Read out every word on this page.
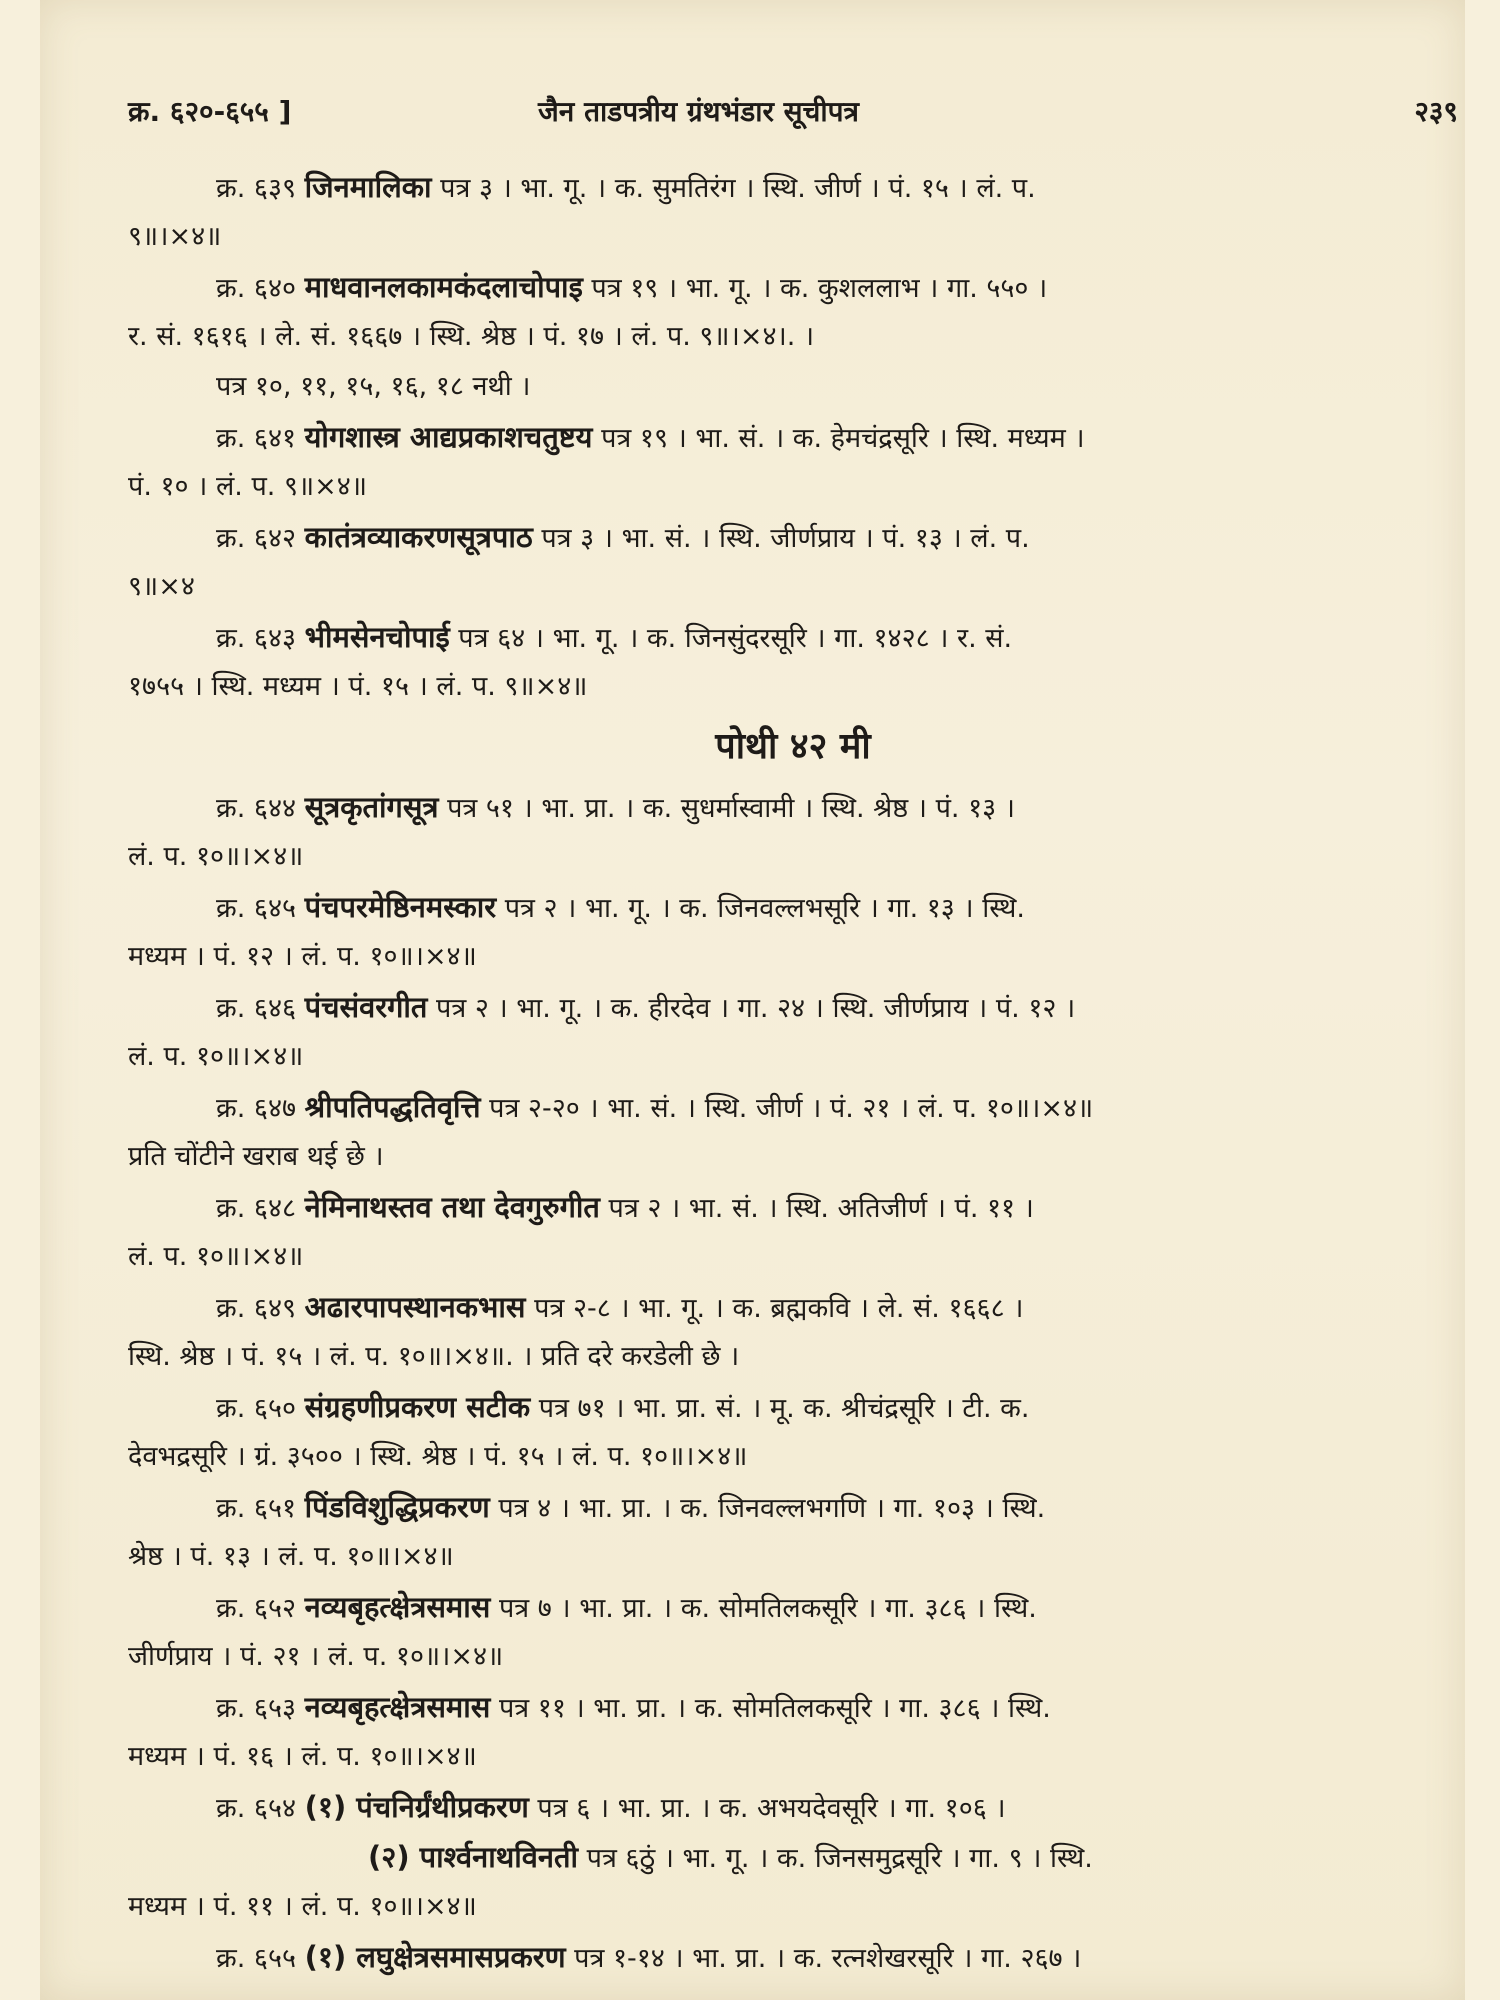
क्र. ६२०-६५५ ]	जैन ताडपत्रीय ग्रंथभंडार सूचीपत्र	२३९
क्र. ६३९ जिनमालिका पत्र ३ । भा. गू. । क. सुमतिरंग । स्थि. जीर्ण । पं. १५ । लं. प.
९॥।×४॥
क्र. ६४० माधवानलकामकंदलाचोपाइ पत्र १९ । भा. गू. । क. कुशललाभ । गा. ५५० ।
र. सं. १६१६ । ले. सं. १६६७ । स्थि. श्रेष्ठ । पं. १७ । लं. प. ९॥।×४।. ।
पत्र १०, ११, १५, १६, १८ नथी ।
क्र. ६४१ योगशास्त्र आद्यप्रकाशचतुष्टय पत्र १९ । भा. सं. । क. हेमचंद्रसूरि । स्थि. मध्यम ।
पं. १० । लं. प. ९॥×४॥
क्र. ६४२ कातंत्रव्याकरणसूत्रपाठ पत्र ३ । भा. सं. । स्थि. जीर्णप्राय । पं. १३ । लं. प.
९॥×४
क्र. ६४३ भीमसेनचोपाई पत्र ६४ । भा. गू. । क. जिनसुंदरसूरि । गा. १४२८ । र. सं.
१७५५ । स्थि. मध्यम । पं. १५ । लं. प. ९॥×४॥
पोथी ४२ मी
क्र. ६४४ सूत्रकृतांगसूत्र पत्र ५१ । भा. प्रा. । क. सुधर्मास्वामी । स्थि. श्रेष्ठ । पं. १३ ।
लं. प. १०॥।×४॥
क्र. ६४५ पंचपरमेष्ठिनमस्कार पत्र २ । भा. गू. । क. जिनवल्लभसूरि । गा. १३ । स्थि.
मध्यम । पं. १२ । लं. प. १०॥।×४॥
क्र. ६४६ पंचसंवरगीत पत्र २ । भा. गू. । क. हीरदेव । गा. २४ । स्थि. जीर्णप्राय । पं. १२ ।
लं. प. १०॥।×४॥
क्र. ६४७ श्रीपतिपद्धतिवृत्ति पत्र २-२० । भा. सं. । स्थि. जीर्ण । पं. २१ । लं. प. १०॥।×४॥
प्रति चोंटीने खराब थई छे ।
क्र. ६४८ नेमिनाथस्तव तथा देवगुरुगीत पत्र २ । भा. सं. । स्थि. अतिजीर्ण । पं. ११ ।
लं. प. १०॥।×४॥
क्र. ६४९ अढारपापस्थानकभास पत्र २-८ । भा. गू. । क. ब्रह्मकवि । ले. सं. १६६८ ।
स्थि. श्रेष्ठ । पं. १५ । लं. प. १०॥।×४॥. । प्रति दरे करडेली छे ।
क्र. ६५० संग्रहणीप्रकरण सटीक पत्र ७१ । भा. प्रा. सं. । मू. क. श्रीचंद्रसूरि । टी. क.
देवभद्रसूरि । ग्रं. ३५०० । स्थि. श्रेष्ठ । पं. १५ । लं. प. १०॥।×४॥
क्र. ६५१ पिंडविशुद्धिप्रकरण पत्र ४ । भा. प्रा. । क. जिनवल्लभगणि । गा. १०३ । स्थि.
श्रेष्ठ । पं. १३ । लं. प. १०॥।×४॥
क्र. ६५२ नव्यबृहत्क्षेत्रसमास पत्र ७ । भा. प्रा. । क. सोमतिलकसूरि । गा. ३८६ । स्थि.
जीर्णप्राय । पं. २१ । लं. प. १०॥।×४॥
क्र. ६५३ नव्यबृहत्क्षेत्रसमास पत्र ११ । भा. प्रा. । क. सोमतिलकसूरि । गा. ३८६ । स्थि.
मध्यम । पं. १६ । लं. प. १०॥।×४॥
क्र. ६५४ (१) पंचनिर्ग्रंथीप्रकरण पत्र ६ । भा. प्रा. । क. अभयदेवसूरि । गा. १०६ ।
(२) पार्श्वनाथविनती पत्र ६ठुं । भा. गू. । क. जिनसमुद्रसूरि । गा. ९ । स्थि.
मध्यम । पं. ११ । लं. प. १०॥।×४॥
क्र. ६५५ (१) लघुक्षेत्रसमासप्रकरण पत्र १-१४ । भा. प्रा. । क. रत्नशेखरसूरि । गा. २६७ ।
